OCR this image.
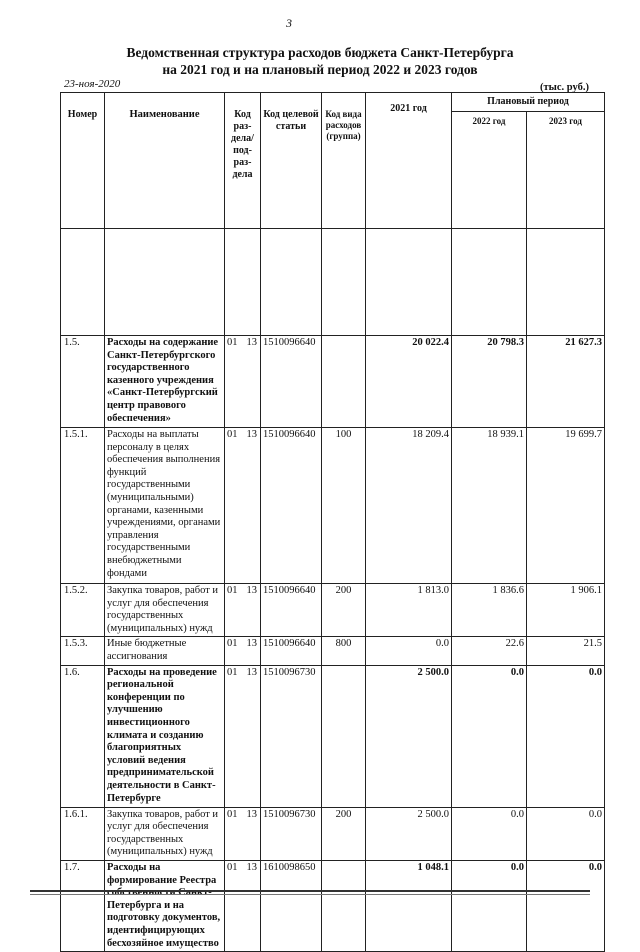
3
Ведомственная структура расходов бюджета Санкт-Петербурга
на 2021 год и на плановый период 2022 и 2023 годов
23-ноя-2020	(тыс. руб.)
Номер	Наименование	Код раз-дела/ под-раз-дела	Код целевой статьи	Код вида расходов (группа)	2021 год	Плановый период	
						2022 год	2023 год

1.5.	Расходы на содержание Санкт-Петербургского государственного казенного учреждения «Санкт-Петербургский центр правового обеспечения»	01 13	1510096640		20 022.4	20 798.3	21 627.3
1.5.1.	Расходы на выплаты персоналу в целях обеспечения выполнения функций государственными (муниципальными) органами, казенными учреждениями, органами управления государственными внебюджетными фондами	01 13	1510096640	100	18 209.4	18 939.1	19 699.7
1.5.2.	Закупка товаров, работ и услуг для обеспечения государственных (муниципальных) нужд	01 13	1510096640	200	1 813.0	1 836.6	1 906.1
1.5.3.	Иные бюджетные ассигнования	01 13	1510096640	800	0.0	22.6	21.5
1.6.	Расходы на проведение региональной конференции по улучшению инвестиционного климата и созданию благоприятных условий ведения предпринимательской деятельности в Санкт-Петербурге	01 13	1510096730		2 500.0	0.0	0.0
1.6.1.	Закупка товаров, работ и услуг для обеспечения государственных (муниципальных) нужд	01 13	1510096730	200	2 500.0	0.0	0.0
1.7.	Расходы на формирование Реестра собственности Санкт-Петербурга и на подготовку документов, идентифицирующих бесхозяйное имущество	01 13	1610098650		1 048.1	0.0	0.0
